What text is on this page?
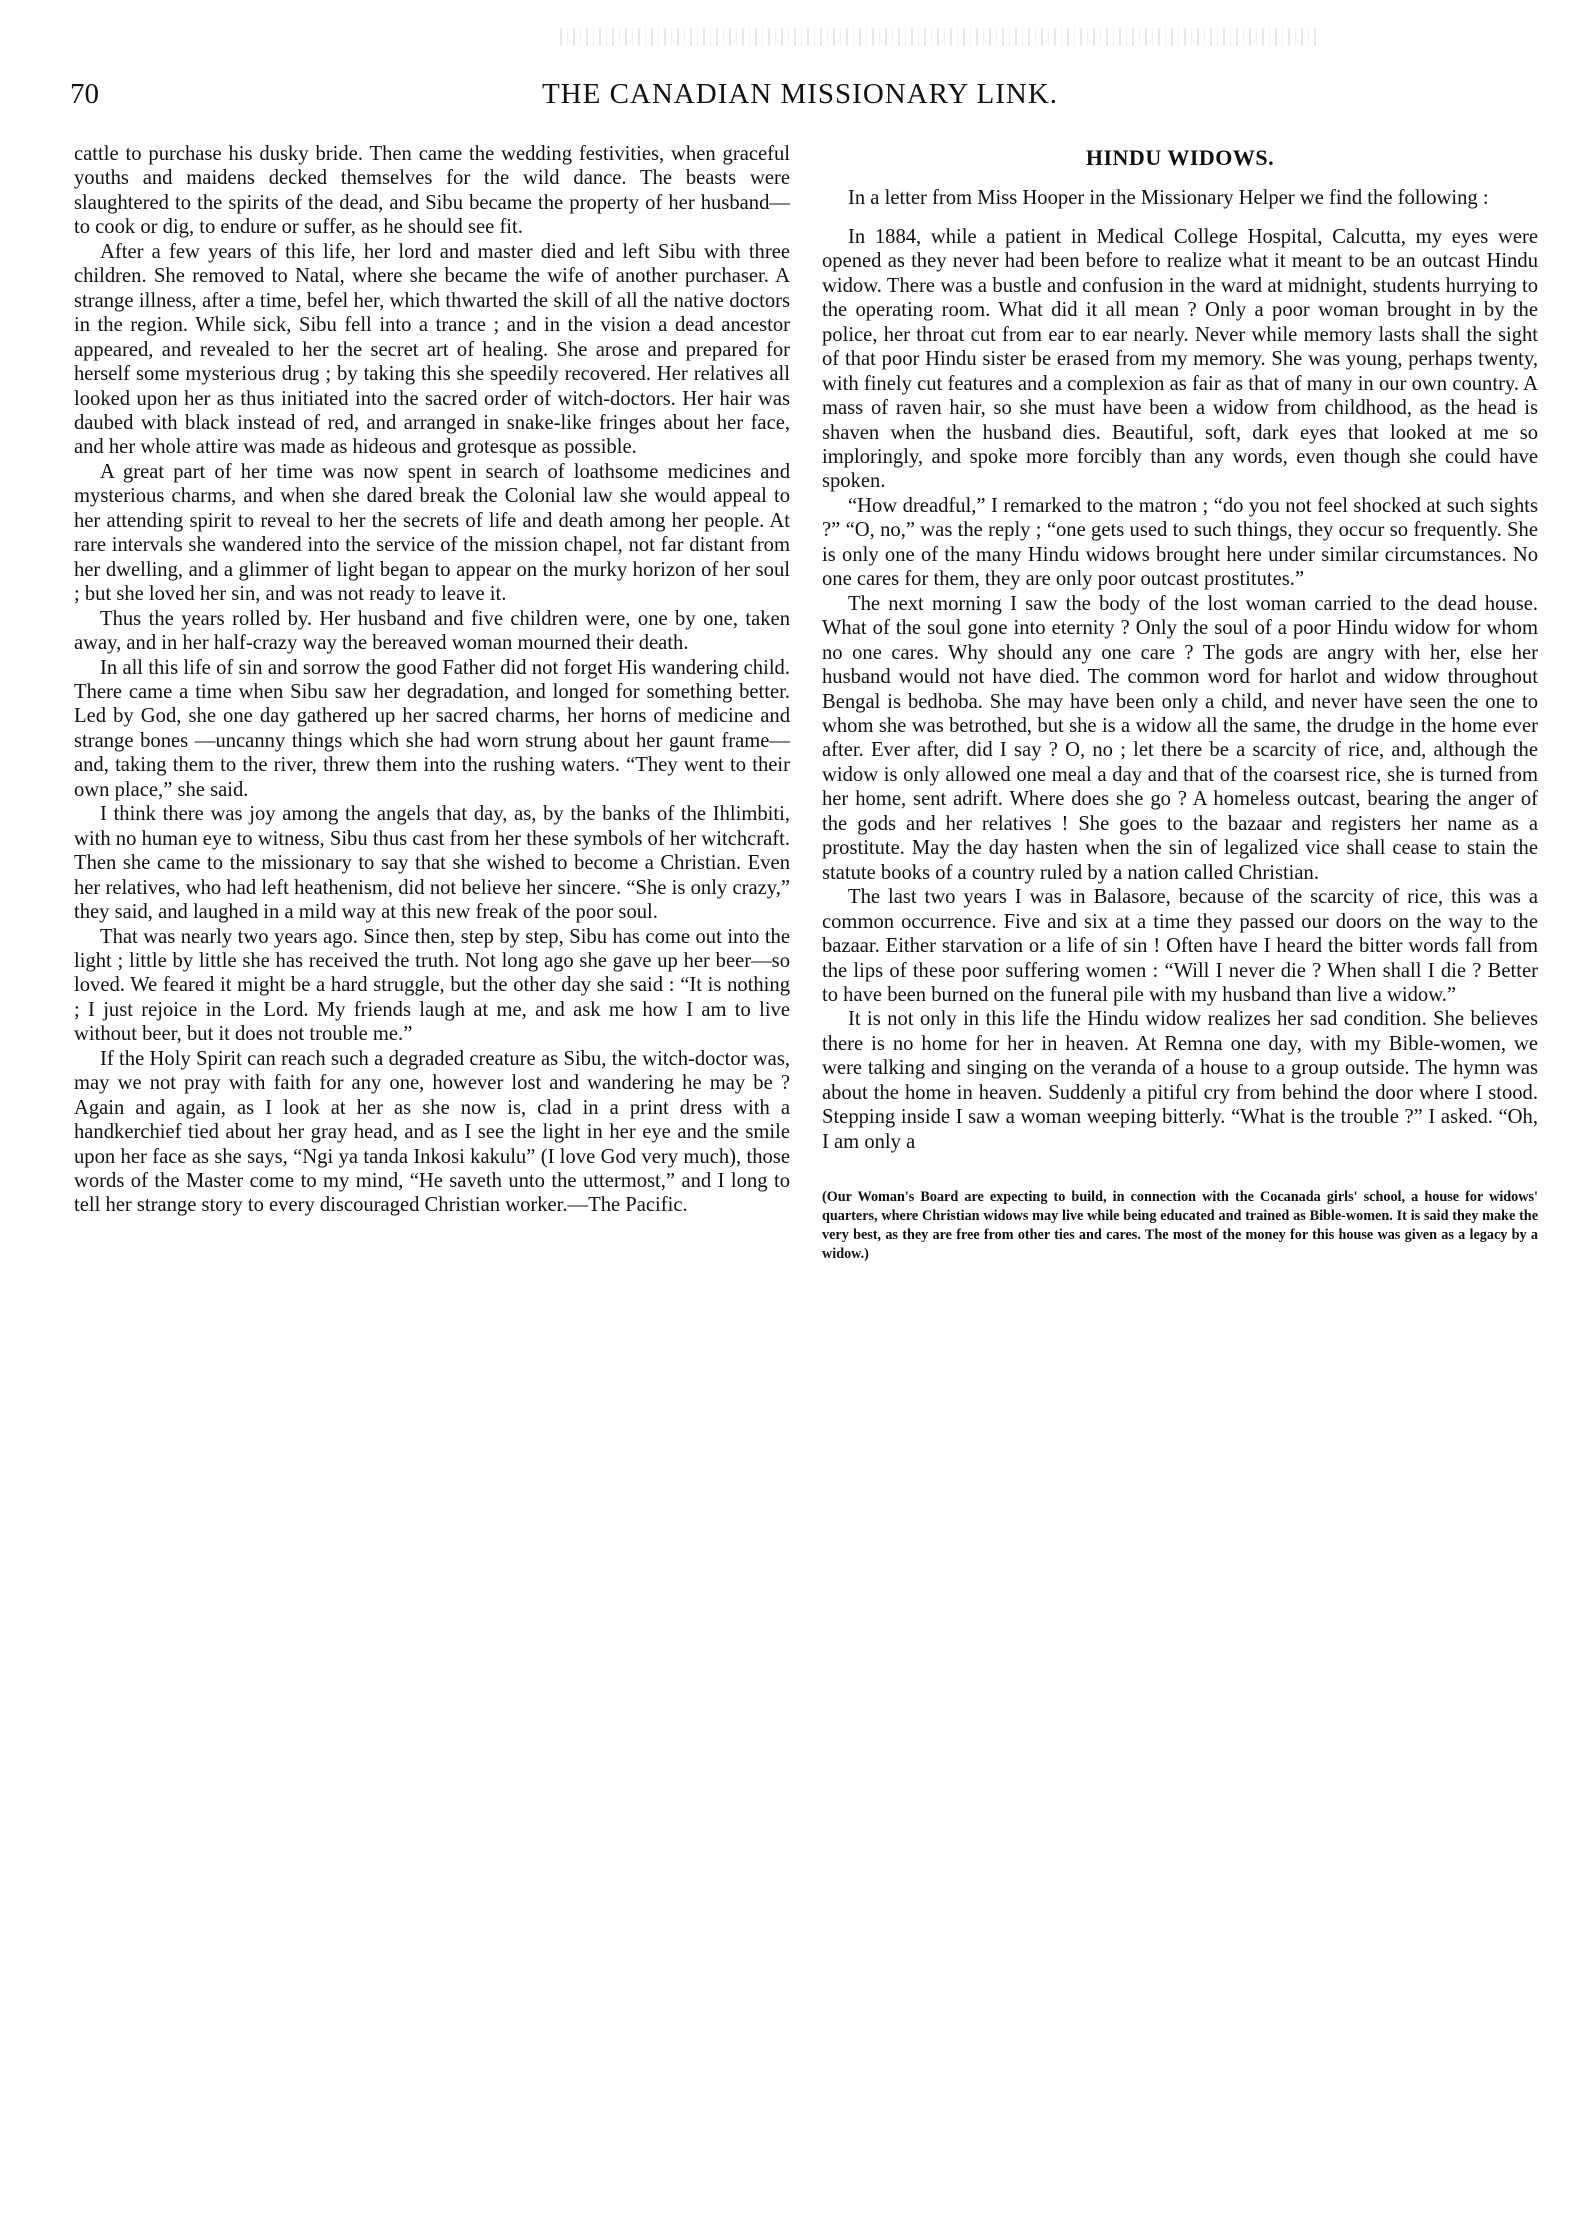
70	THE CANADIAN MISSIONARY LINK.

cattle to purchase his dusky bride. Then came the wedding festivities, when graceful youths and maidens decked themselves for the wild dance. The beasts were slaughtered to the spirits of the dead, and Sibu became the property of her husband—to cook or dig, to endure or suffer, as he should see fit.

After a few years of this life, her lord and master died and left Sibu with three children. She removed to Natal, where she became the wife of another purchaser. A strange illness, after a time, befel her, which thwarted the skill of all the native doctors in the region. While sick, Sibu fell into a trance ; and in the vision a dead ancestor appeared, and revealed to her the secret art of healing. She arose and prepared for herself some mysterious drug ; by taking this she speedily recovered. Her relatives all looked upon her as thus initiated into the sacred order of witch-doctors. Her hair was daubed with black instead of red, and arranged in snake-like fringes about her face, and her whole attire was made as hideous and grotesque as possible.

A great part of her time was now spent in search of loathsome medicines and mysterious charms, and when she dared break the Colonial law she would appeal to her attending spirit to reveal to her the secrets of life and death among her people. At rare intervals she wandered into the service of the mission chapel, not far distant from her dwelling, and a glimmer of light began to appear on the murky horizon of her soul ; but she loved her sin, and was not ready to leave it.

Thus the years rolled by. Her husband and five children were, one by one, taken away, and in her half-crazy way the bereaved woman mourned their death.

In all this life of sin and sorrow the good Father did not forget His wandering child. There came a time when Sibu saw her degradation, and longed for something better. Led by God, she one day gathered up her sacred charms, her horns of medicine and strange bones —uncanny things which she had worn strung about her gaunt frame—and, taking them to the river, threw them into the rushing waters. “They went to their own place,” she said.

I think there was joy among the angels that day, as, by the banks of the Ihlimbiti, with no human eye to witness, Sibu thus cast from her these symbols of her witchcraft. Then she came to the missionary to say that she wished to become a Christian. Even her relatives, who had left heathenism, did not believe her sincere. “She is only crazy,” they said, and laughed in a mild way at this new freak of the poor soul.

That was nearly two years ago. Since then, step by step, Sibu has come out into the light ; little by little she has received the truth. Not long ago she gave up her beer—so loved. We feared it might be a hard struggle, but the other day she said : “It is nothing ; I just rejoice in the Lord. My friends laugh at me, and ask me how I am to live without beer, but it does not trouble me.”

If the Holy Spirit can reach such a degraded creature as Sibu, the witch-doctor was, may we not pray with faith for any one, however lost and wandering he may be ? Again and again, as I look at her as she now is, clad in a print dress with a handkerchief tied about her gray head, and as I see the light in her eye and the smile upon her face as she says, “Ngi ya tanda Inkosi kakulu” (I love God very much), those words of the Master come to my mind, “He saveth unto the uttermost,” and I long to tell her strange story to every discouraged Christian worker.—The Pacific.

HINDU WIDOWS.

In a letter from Miss Hooper in the Missionary Helper we find the following :

In 1884, while a patient in Medical College Hospital, Calcutta, my eyes were opened as they never had been before to realize what it meant to be an outcast Hindu widow. There was a bustle and confusion in the ward at midnight, students hurrying to the operating room. What did it all mean ? Only a poor woman brought in by the police, her throat cut from ear to ear nearly. Never while memory lasts shall the sight of that poor Hindu sister be erased from my memory. She was young, perhaps twenty, with finely cut features and a complexion as fair as that of many in our own country. A mass of raven hair, so she must have been a widow from childhood, as the head is shaven when the husband dies. Beautiful, soft, dark eyes that looked at me so imploringly, and spoke more forcibly than any words, even though she could have spoken.

“How dreadful,” I remarked to the matron ; “do you not feel shocked at such sights ?” “O, no,” was the reply ; “one gets used to such things, they occur so frequently. She is only one of the many Hindu widows brought here under similar circumstances. No one cares for them, they are only poor outcast prostitutes.”

The next morning I saw the body of the lost woman carried to the dead house. What of the soul gone into eternity ? Only the soul of a poor Hindu widow for whom no one cares. Why should any one care ? The gods are angry with her, else her husband would not have died. The common word for harlot and widow throughout Bengal is bedhoba. She may have been only a child, and never have seen the one to whom she was betrothed, but she is a widow all the same, the drudge in the home ever after. Ever after, did I say ? O, no ; let there be a scarcity of rice, and, although the widow is only allowed one meal a day and that of the coarsest rice, she is turned from her home, sent adrift. Where does she go ? A homeless outcast, bearing the anger of the gods and her relatives ! She goes to the bazaar and registers her name as a prostitute. May the day hasten when the sin of legalized vice shall cease to stain the statute books of a country ruled by a nation called Christian.

The last two years I was in Balasore, because of the scarcity of rice, this was a common occurrence. Five and six at a time they passed our doors on the way to the bazaar. Either starvation or a life of sin ! Often have I heard the bitter words fall from the lips of these poor suffering women : “Will I never die ? When shall I die ? Better to have been burned on the funeral pile with my husband than live a widow.”

It is not only in this life the Hindu widow realizes her sad condition. She believes there is no home for her in heaven. At Remna one day, with my Bible-women, we were talking and singing on the veranda of a house to a group outside. The hymn was about the home in heaven. Suddenly a pitiful cry from behind the door where I stood. Stepping inside I saw a woman weeping bitterly. “What is the trouble ?” I asked. “Oh, I am only a

(Our Woman's Board are expecting to build, in connection with the Cocanada girls' school, a house for widows' quarters, where Christian widows may live while being educated and trained as Bible-women. It is said they make the very best, as they are free from other ties and cares. The most of the money for this house was given as a legacy by a widow.)
